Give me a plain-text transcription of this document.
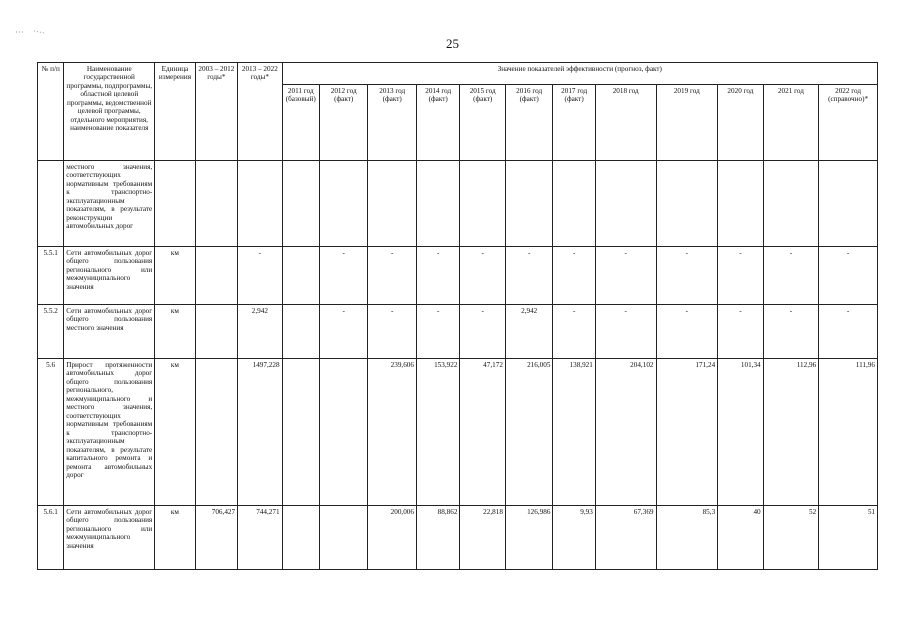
25
№ п/п	Наименование государственной программы, подпрограммы, областной целевой программы, ведомственной целевой программы, отдельного мероприятия, наименование показателя	Единица измерения	2003 – 2012 годы*	2013 – 2022 годы*	Значение показателей эффективности (прогноз, факт)											
					2011 год (базовый)	2012 год (факт)	2013 год (факт)	2014 год (факт)	2015 год (факт)	2016 год (факт)	2017 год (факт)	2018 год	2019 год	2020 год	2021 год	2022 год (справочно)*
	местного значения, соответствующих нормативным требованиям к транспортно-эксплуатационным показателям, в результате реконструкции автомобильных дорог															
5.5.1	Сети автомобильных дорог общего пользования регионального или межмуниципального значения	км		-		-	-	-	-	-	-	-	-	-	-	-
5.5.2	Сети автомобильных дорог общего пользования местного значения	км		2,942		-	-	-	-	2,942	-	-	-	-	-	-
5.6	Прирост протяженности автомобильных дорог общего пользования регионального, межмуниципального и местного значения, соответствующих нормативным требованиям к транспортно-эксплуатационным показателям, в результате капитального ремонта и ремонта автомобильных дорог	км		1497,228			239,606	153,922	47,172	216,005	138,921	204,102	171,24	101,34	112,96	111,96
5.6.1	Сети автомобильных дорог общего пользования регионального или межмуниципального значения	км	706,427	744,271			200,006	88,862	22,818	126,986	9,93	67,369	85,3	40	52	51
